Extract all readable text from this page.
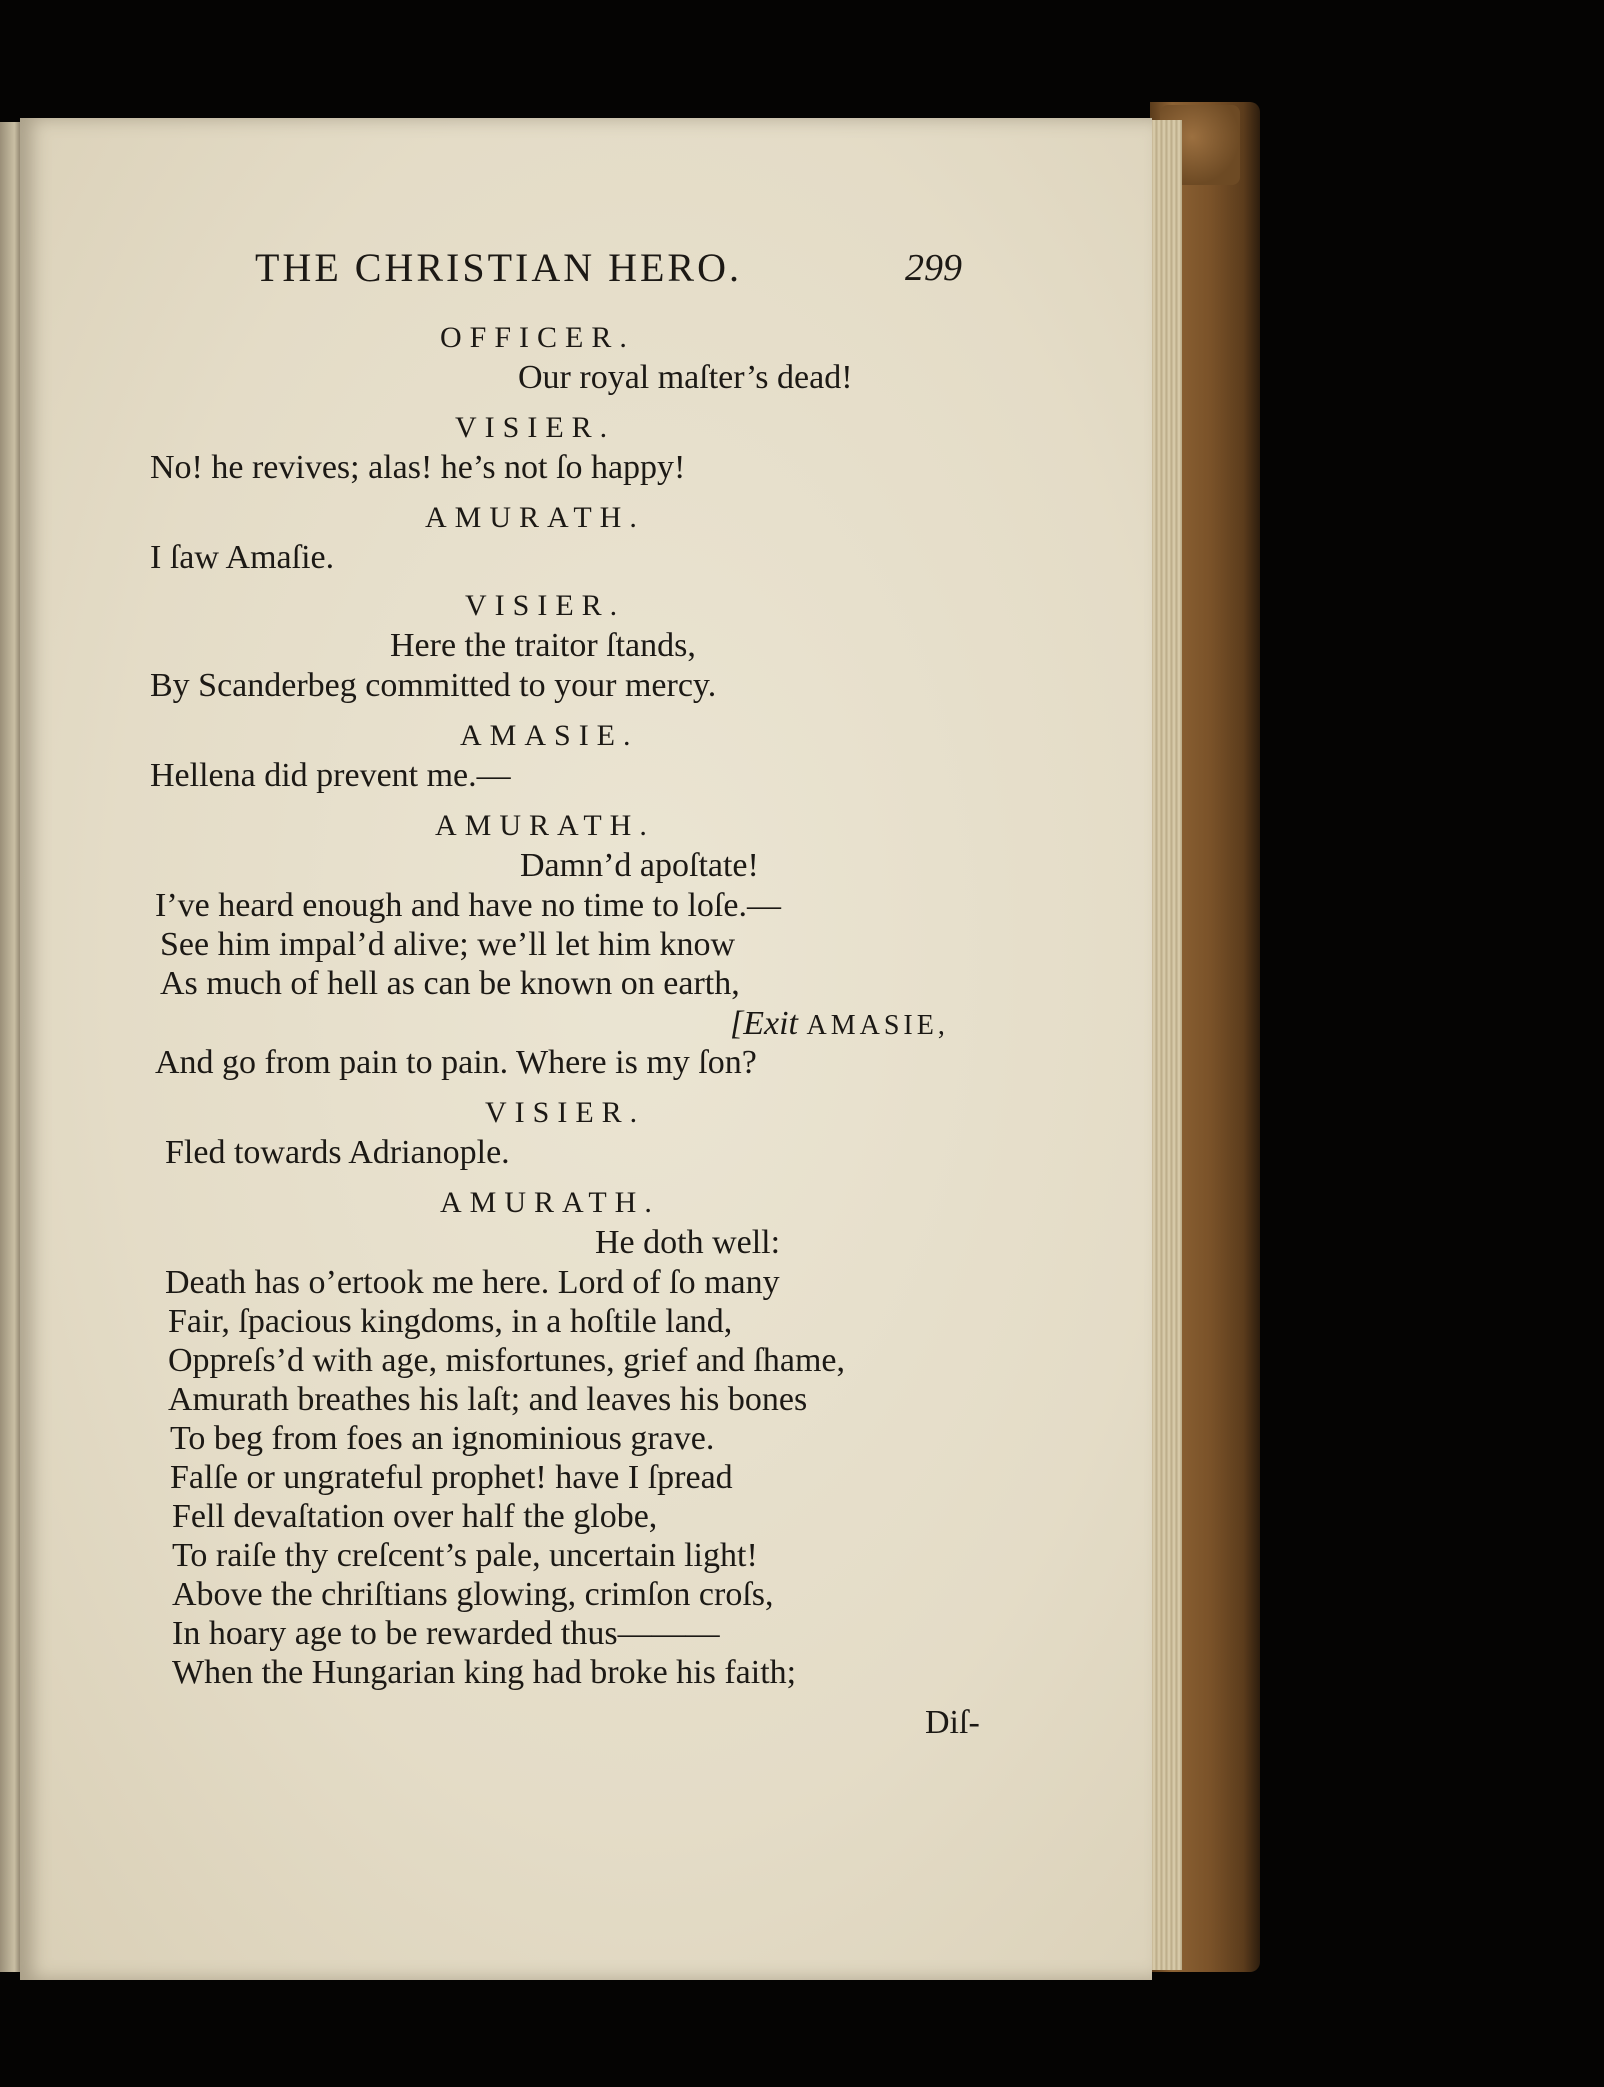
THE CHRISTIAN HERO.	299
OFFICER.
Our royal maſter’s dead!
VISIER.
No! he revives; alas! he’s not ſo happy!
AMURATH.
I ſaw Amaſie.
VISIER.
Here the traitor ſtands,
By Scanderbeg committed to your mercy.
AMASIE.
Hellena did prevent me.—
AMURATH.
Damn’d apoſtate!
I’ve heard enough and have no time to loſe.—
See him impal’d alive; we’ll let him know
As much of hell as can be known on earth,
[Exit AMASIE,
And go from pain to pain. Where is my ſon?
VISIER.
Fled towards Adrianople.
AMURATH.
He doth well:
Death has o’ertook me here. Lord of ſo many
Fair, ſpacious kingdoms, in a hoſtile land,
Oppreſs’d with age, misfortunes, grief and ſhame,
Amurath breathes his laſt; and leaves his bones
To beg from foes an ignominious grave.
Falſe or ungrateful prophet! have I ſpread
Fell devaſtation over half the globe,
To raiſe thy creſcent’s pale, uncertain light!
Above the chriſtians glowing, crimſon croſs,
In hoary age to be rewarded thus———
When the Hungarian king had broke his faith;
Diſ-
